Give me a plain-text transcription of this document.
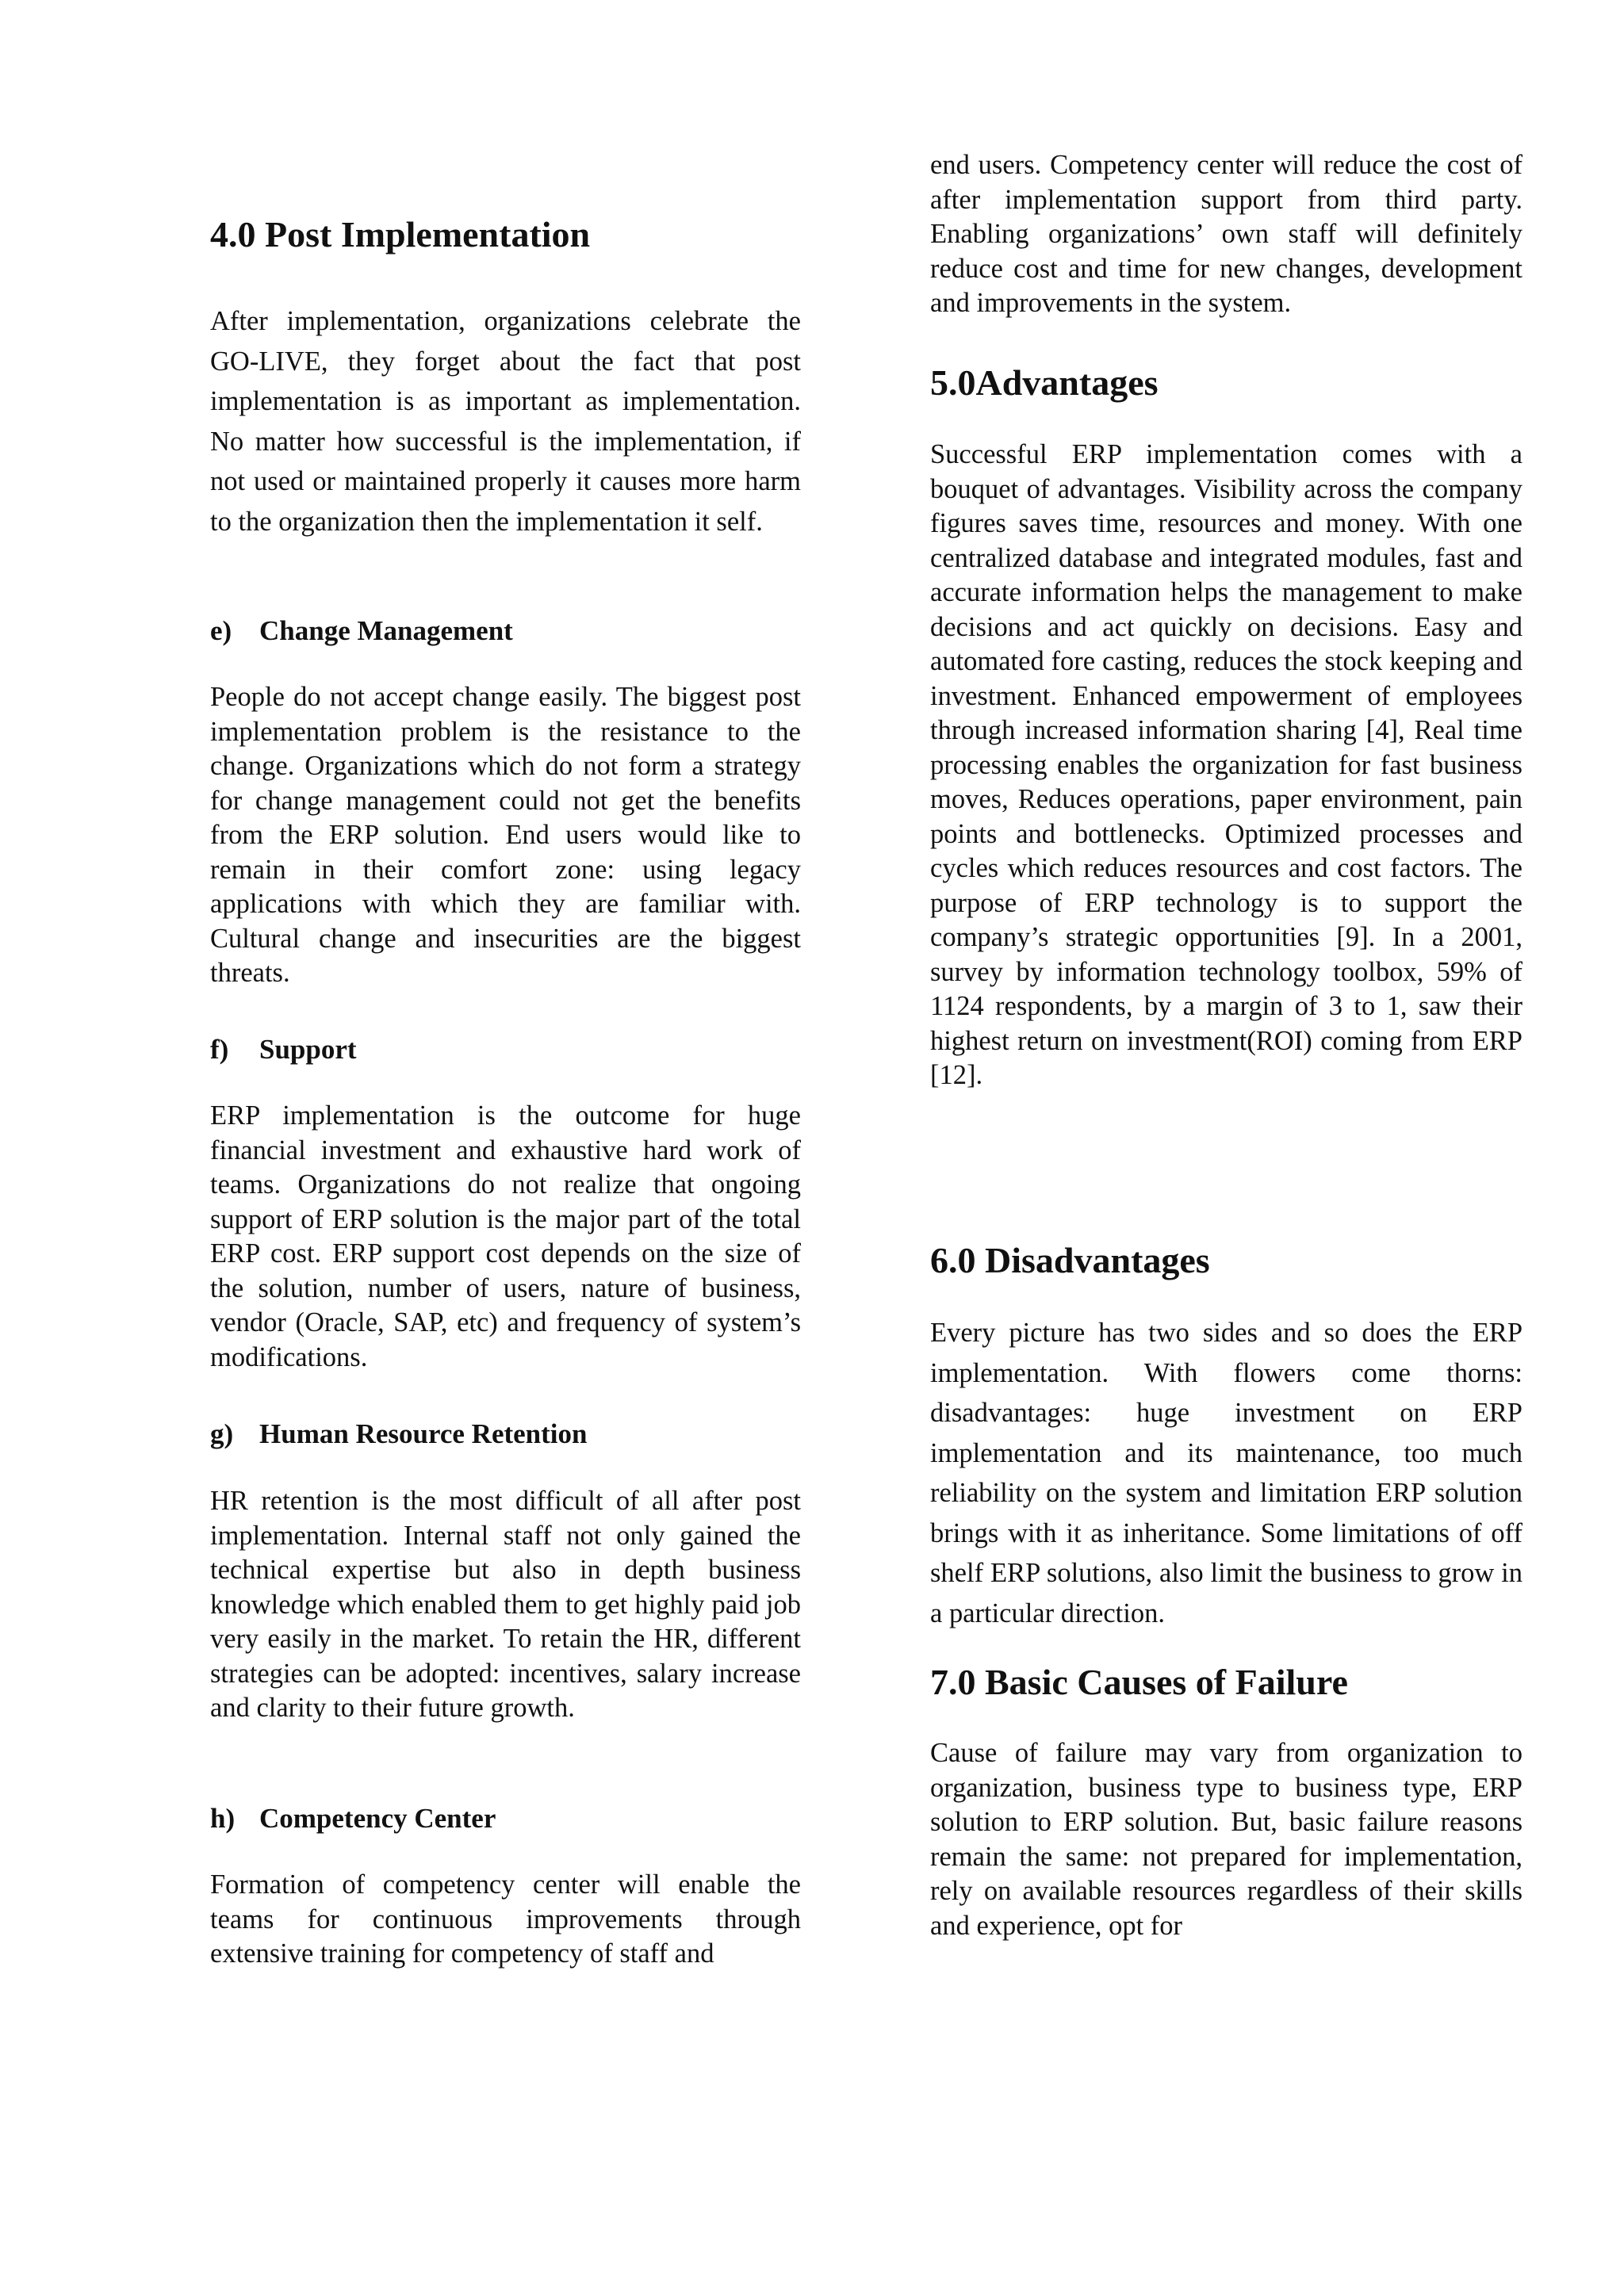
4.0 Post Implementation

After implementation, organizations celebrate the GO-LIVE, they forget about the fact that post implementation is as important as implementation. No matter how successful is the implementation, if not used or maintained properly it causes more harm to the organization then the implementation it self.

e) Change Management

People do not accept change easily. The biggest post implementation problem is the resistance to the change. Organizations which do not form a strategy for change management could not get the benefits from the ERP solution. End users would like to remain in their comfort zone: using legacy applications with which they are familiar with. Cultural change and insecurities are the biggest threats.

f) Support

ERP implementation is the outcome for huge financial investment and exhaustive hard work of teams. Organizations do not realize that ongoing support of ERP solution is the major part of the total ERP cost. ERP support cost depends on the size of the solution, number of users, nature of business, vendor (Oracle, SAP, etc) and frequency of system’s modifications.

g) Human Resource Retention

HR retention is the most difficult of all after post implementation. Internal staff not only gained the technical expertise but also in depth business knowledge which enabled them to get highly paid job very easily in the market. To retain the HR, different strategies can be adopted: incentives, salary increase and clarity to their future growth.

h) Competency Center

Formation of competency center will enable the teams for continuous improvements through extensive training for competency of staff and

end users. Competency center will reduce the cost of after implementation support from third party. Enabling organizations’ own staff will definitely reduce cost and time for new changes, development and improvements in the system.

5.0Advantages

Successful ERP implementation comes with a bouquet of advantages. Visibility across the company figures saves time, resources and money. With one centralized database and integrated modules, fast and accurate information helps the management to make decisions and act quickly on decisions. Easy and automated fore casting, reduces the stock keeping and investment. Enhanced empowerment of employees through increased information sharing [4], Real time processing enables the organization for fast business moves, Reduces operations, paper environment, pain points and bottlenecks. Optimized processes and cycles which reduces resources and cost factors. The purpose of ERP technology is to support the company’s strategic opportunities [9]. In a 2001, survey by information technology toolbox, 59% of 1124 respondents, by a margin of 3 to 1, saw their highest return on investment(ROI) coming from ERP [12].

6.0 Disadvantages

Every picture has two sides and so does the ERP implementation. With flowers come thorns: disadvantages: huge investment on ERP implementation and its maintenance, too much reliability on the system and limitation ERP solution brings with it as inheritance. Some limitations of off shelf ERP solutions, also limit the business to grow in a particular direction.

7.0 Basic Causes of Failure

Cause of failure may vary from organization to organization, business type to business type, ERP solution to ERP solution. But, basic failure reasons remain the same: not prepared for implementation, rely on available resources regardless of their skills and experience, opt for
